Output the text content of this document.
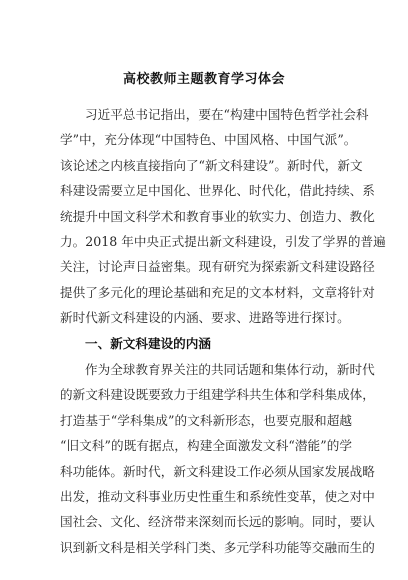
高校教师主题教育学习体会
习近平总书记指出，要在“构建中国特色哲学社会科
学”中，充分体现“中国特色、中国风格、中国气派”。
该论述之内核直接指向了“新文科建设”。新时代，新文
科建设需要立足中国化、世界化、时代化，借此持续、系
统提升中国文科学术和教育事业的软实力、创造力、教化
力。2018 年中央正式提出新文科建设，引发了学界的普遍
关注，讨论声日益密集。现有研究为探索新文科建设路径
提供了多元化的理论基础和充足的文本材料，文章将针对
新时代新文科建设的内涵、要求、进路等进行探讨。
一、新文科建设的内涵
作为全球教育界关注的共同话题和集体行动，新时代
的新文科建设既要致力于组建学科共生体和学科集成体，
打造基于“学科集成”的文科新形态，也要克服和超越
“旧文科”的既有据点，构建全面激发文科“潜能”的学
科功能体。新时代，新文科建设工作必须从国家发展战略
出发，推动文科事业历史性重生和系统性变革，使之对中
国社会、文化、经济带来深刻而长远的影响。同时，要认
识到新文科是相关学科门类、多元学科功能等交融而生的
